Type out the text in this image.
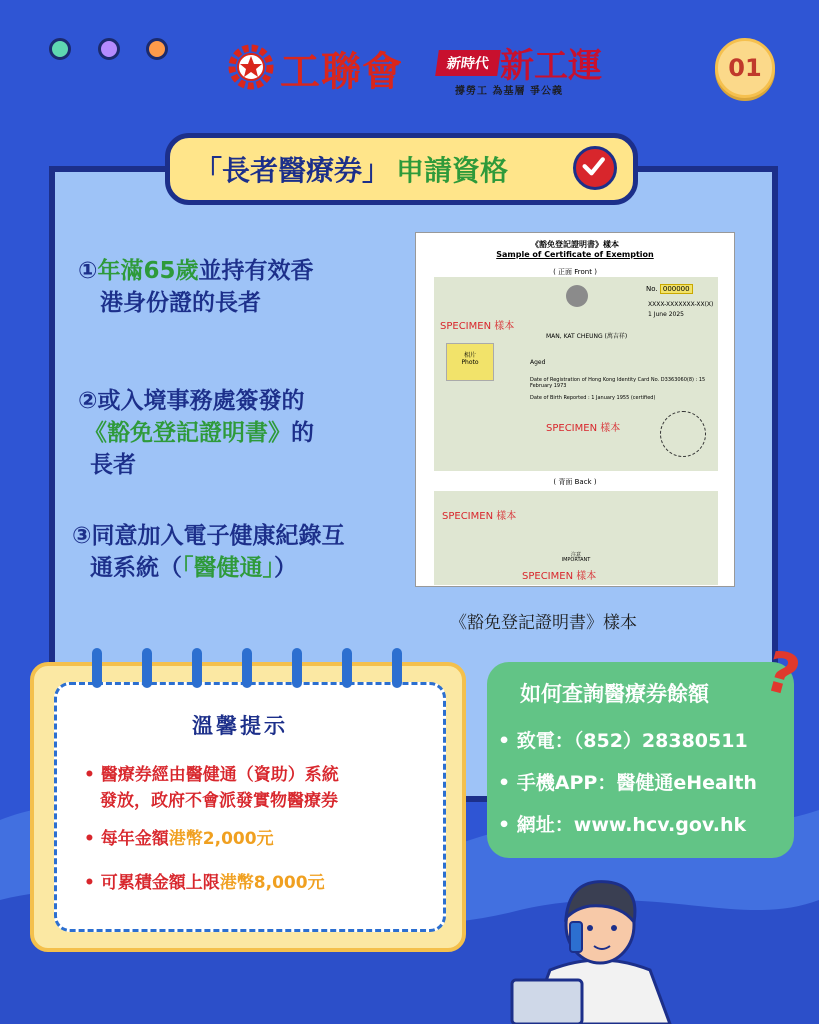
工聯會	新時代 新工運
撐勞工 為基層 爭公義
01
「長者醫療券」 申請資格
①年滿65歲並持有效香
港身份證的長者
②或入境事務處簽發的
《豁免登記證明書》的
長者
③同意加入電子健康紀錄互
通系統（「醫健通」）
《豁免登記證明書》樣本
Sample of Certificate of Exemption
( 正面 Front )
No. 000000
XXXX-XXXXXXX-XX(X)
1 June 2025
SPECIMEN 樣本
MAN, KAT CHEUNG (萬吉祥)
相片
Photo	Aged
Date of Registration of Hong Kong Identity Card No. D3363060(8) : 15 February 1973
Date of Birth Reported : 1 January 1955 (certified)
SPECIMEN 樣本
( 背面 Back )
SPECIMEN 樣本
注意
IMPORTANT
SPECIMEN 樣本
《豁免登記證明書》樣本
溫馨提示
• 醫療券經由醫健通（資助）系統
發放，政府不會派發實物醫療券
• 每年金額港幣2,000元
• 可累積金額上限港幣8,000元
?
如何查詢醫療券餘額
• 致電：（852）28380511
• 手機APP：醫健通eHealth
• 網址：www.hcv.gov.hk
